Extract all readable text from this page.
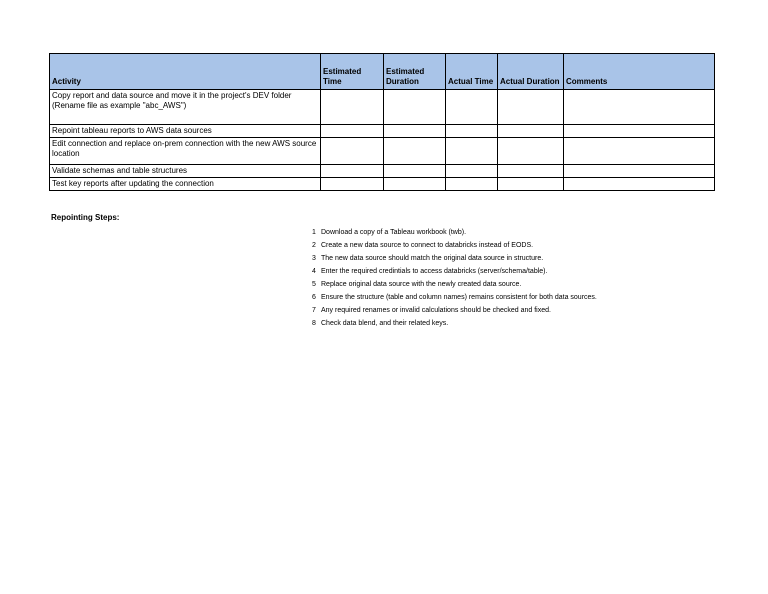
Activity	Estimated Time	Estimated Duration	Actual Time	Actual Duration	Comments
Copy report and data source and move it in the project's DEV folder (Rename file as example "abc_AWS")					
Repoint tableau reports to AWS data sources					
Edit connection and replace on-prem connection with the new AWS source location					
Validate schemas and table structures					
Test key reports after updating the connection					
Repointing Steps:
1 Download a copy of a Tableau workbook (twb).
2 Create a new data source to connect to databricks instead of EODS.
3 The new data source should match the original data source in structure.
4 Enter the required credintials to access databricks (server/schema/table).
5 Replace original data source with the newly created data source.
6 Ensure the structure (table and column names) remains consistent for both data sources.
7 Any required renames or invalid calculations should be checked and fixed.
8 Check data blend, and their related keys.
